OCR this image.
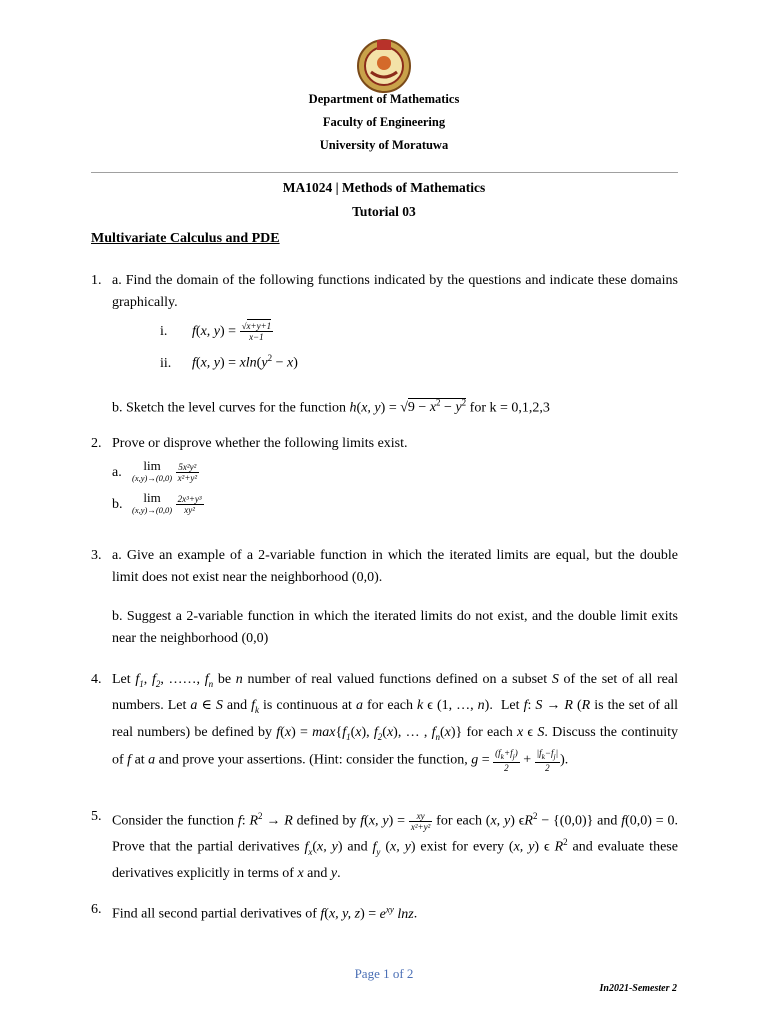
Department of Mathematics
Faculty of Engineering
University of Moratuwa
MA1024 | Methods of Mathematics
Tutorial 03
Multivariate Calculus and PDE
1. a. Find the domain of the following functions indicated by the questions and indicate these domains graphically.
i. f(x, $y) = \frac{√x+y+1}{x-1}$
ii. f(x, $y) = xln(y^2 - x)$
b. Sketch the level curves for the function h(x, $y) = √9 - x^2 - y^2$ for k = 0,1,2,3
2. Prove or disprove whether the following limits exist.
a. lim
(x,y)→(0,0)
$\frac{\text{5x²y²}}{\text{x²+y²}}$
b. lim
(x,y)→(0,0)
$\frac{\text{2x³+y³}}{\text{xy²}}$
3. a. Give an example of a 2-variable function in which the iterated limits are equal, but the double limit does not exist near the neighborhood (0,0).
b. Suggest a 2-variable function in which the iterated limits do not exist, and the double limit exits near the neighborhood (0,0)
4. Let $f_1$, $f_2$, ……, $f_n$ be n number of real valued functions defined on a subset S of the set of all real numbers. Let a ∈ S and $f_k$ is continuous at a for each k ϵ (1, …, n).  Let f: S → R (R is the set of all real numbers) be defined by $f(x) = \max\{f_1(x)$, $f_2(x)$, … , $f_n(x)$} for each x ϵ S. Discuss the continuity of f at a and prove your assertions. (Hint: consider the function, $g = \frac{(f_k+f_j)}{2} + \frac{|f_k-f_j|}{2}$ ).
5. Consider the function f: $R^2 \to R$ defined by f(x, $y) = \frac{xy}{\text{x²+y²}}$ for each (x, y) $\epsilon R^2 - \{(0,0)\}$ and f(0,0) = 0. Prove that the partial derivatives $f_x(x$, y) and $f_y$ (x, y) exist for every (x, y) ϵ $R^2$ and evaluate these derivatives explicitly in terms of x and y.
6. Find all second partial derivatives of f(x, y, $z) = e^{xy}$ lnz.
Page 1 of 2
In2021-Semester 2
